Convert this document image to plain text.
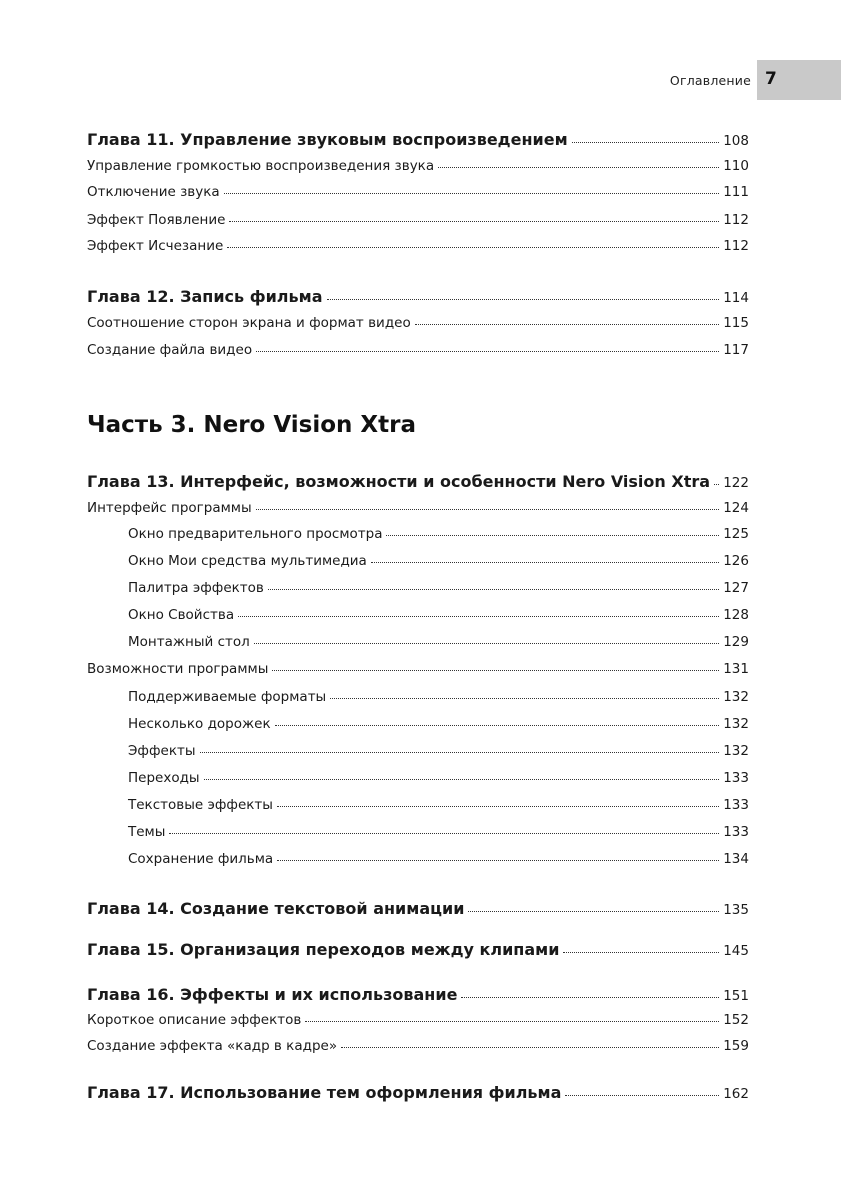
Оглавление 7
Глава 11. Управление звуковым воспроизведением	108
Управление громкостью воспроизведения звука	110
Отключение звука	111
Эффект Появление	112
Эффект Исчезание	112
Глава 12. Запись фильма	114
Соотношение сторон экрана и формат видео	115
Создание файла видео	117
Глава 13. Интерфейс, возможности и особенности Nero Vision Xtra 122
Интерфейс программы	124
Окно предварительного просмотра	125
Окно Мои средства мультимедиа	126
Палитра эффектов	127
Окно Свойства	128
Монтажный стол	129
Возможности программы	131
Поддерживаемые форматы	132
Несколько дорожек	132
Эффекты	132
Переходы	133
Текстовые эффекты	133
Темы	133
Сохранение фильма	134
Глава 14. Создание текстовой анимации	135
Глава 15. Организация переходов между клипами	145
Глава 16. Эффекты и их использование	151
Короткое описание эффектов	152
Создание эффекта «кадр в кадре»	159
Глава 17. Использование тем оформления фильма	162
Часть 3. Nero Vision Xtra
